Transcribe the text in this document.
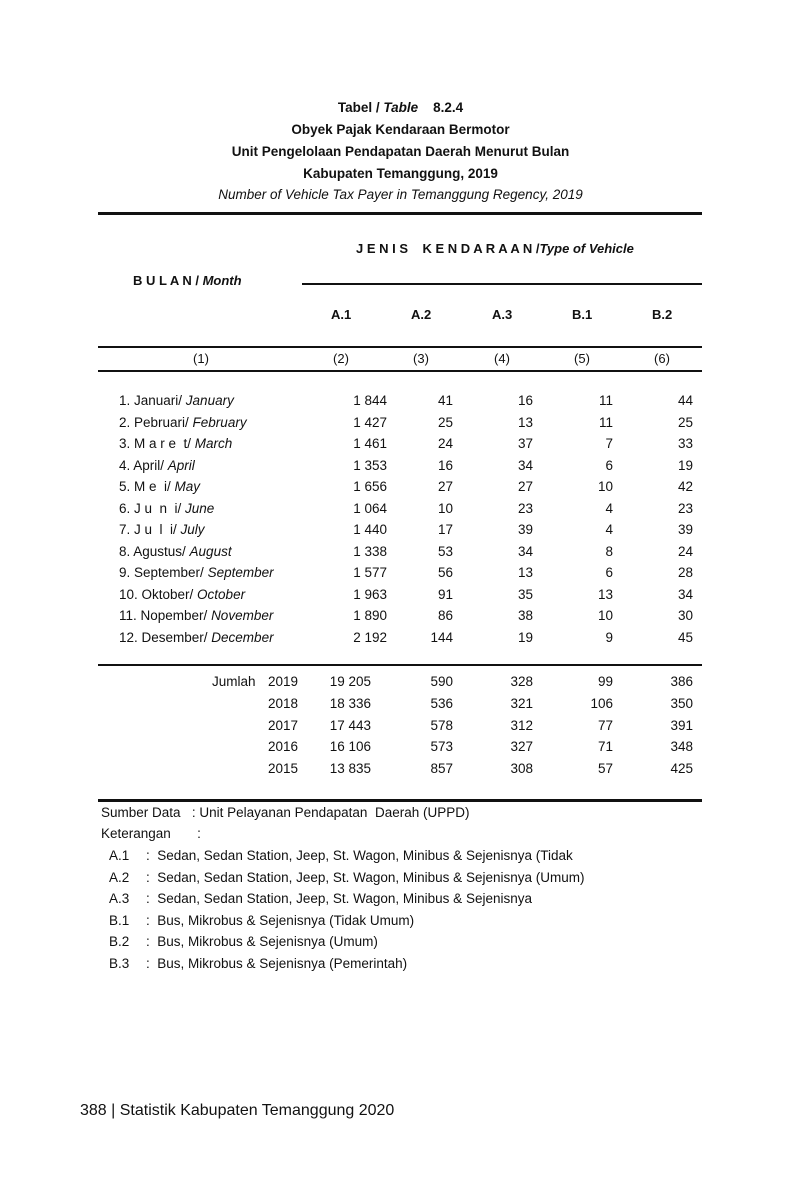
Tabel / Table 8.2.4
Obyek Pajak Kendaraan Bermotor
Unit Pengelolaan Pendapatan Daerah Menurut Bulan
Kabupaten Temanggung, 2019
Number of Vehicle Tax Payer in Temanggung Regency, 2019
J E N I S    K E N D A R A A N /Type of Vehicle
B U L A N / Month
A.1	A.2	A.3	B.1	B.2
(1)	(2)	(3)	(4)	(5)	(6)
1. Januari/ January	1 844	41	16	11	44
2. Pebruari/ February	1 427	25	13	11	25
3. M a r e  t/ March	1 461	24	37	7	33
4. April/ April	1 353	16	34	6	19
5. M e  i/ May	1 656	27	27	10	42
6. J u  n  i/ June	1 064	10	23	4	23
7. J u  l  i/ July	1 440	17	39	4	39
8. Agustus/ August	1 338	53	34	8	24
9. September/ September	1 577	56	13	6	28
10. Oktober/ October	1 963	91	35	13	34
11. Nopember/ November	1 890	86	38	10	30
12. Desember/ December	2 192	144	19	9	45
Jumlah 2019 19 205	590	328	99	386
2018 18 336	536	321	106	350
2017 17 443	578	312	77	391
2016 16 106	573	327	71	348
2015 13 835	857	308	57	425
Sumber Data : Unit Pelayanan Pendapatan  Daerah (UPPD)
Keterangan :
A.1 :  Sedan, Sedan Station, Jeep, St. Wagon, Minibus & Sejenisnya (Tidak
A.2 :  Sedan, Sedan Station, Jeep, St. Wagon, Minibus & Sejenisnya (Umum)
A.3 :  Sedan, Sedan Station, Jeep, St. Wagon, Minibus & Sejenisnya
B.1 :  Bus, Mikrobus & Sejenisnya (Tidak Umum)
B.2 :  Bus, Mikrobus & Sejenisnya (Umum)
B.3 :  Bus, Mikrobus & Sejenisnya (Pemerintah)
388 | Statistik Kabupaten Temanggung 2020
